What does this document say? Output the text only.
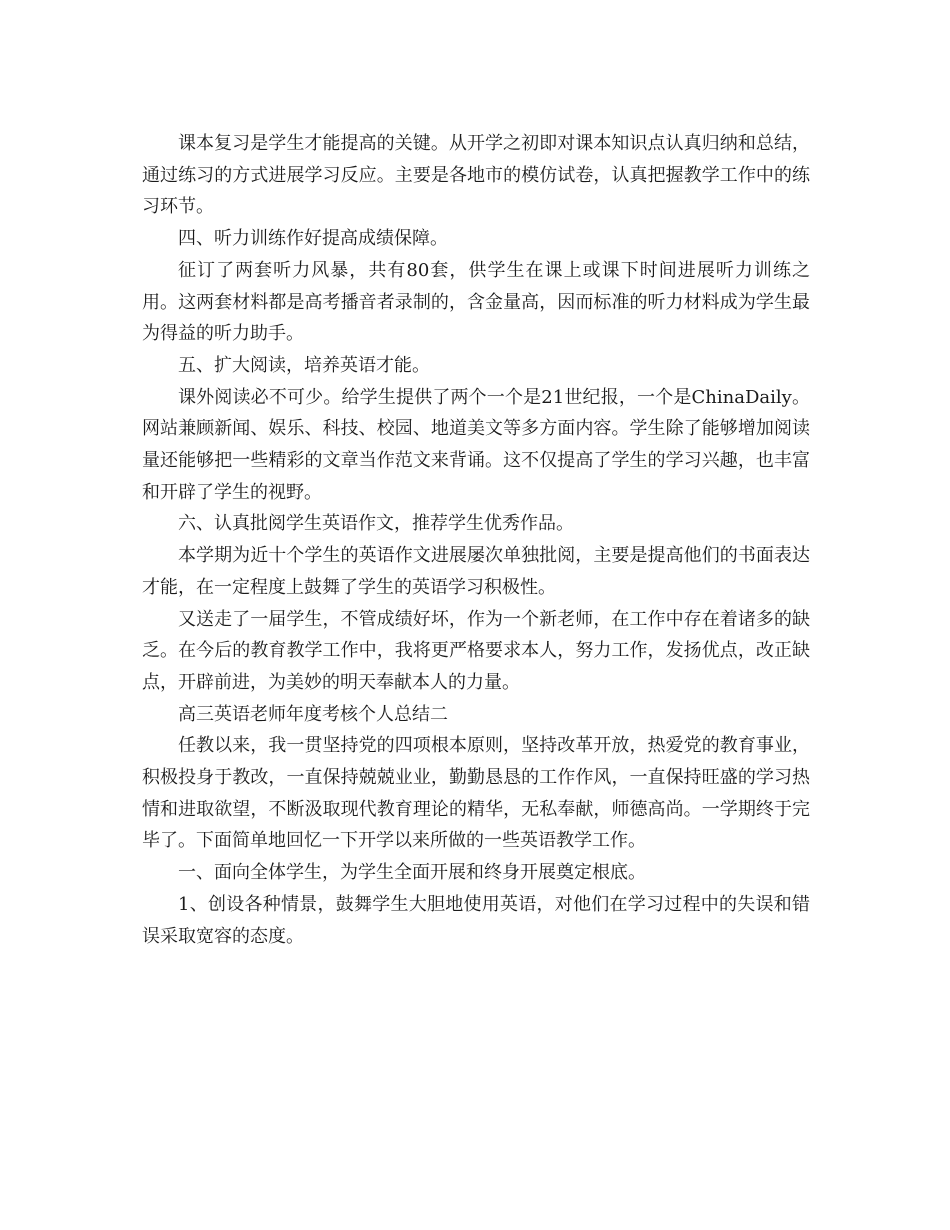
课本复习是学生才能提高的关键。从开学之初即对课本知识点认真归纳和总结，通过练习的方式进展学习反应。主要是各地市的模仿试卷，认真把握教学工作中的练习环节。

四、听力训练作好提高成绩保障。

征订了两套听力风暴，共有80套，供学生在课上或课下时间进展听力训练之用。这两套材料都是高考播音者录制的，含金量高，因而标准的听力材料成为学生最为得益的听力助手。

五、扩大阅读，培养英语才能。

课外阅读必不可少。给学生提供了两个一个是21世纪报，一个是ChinaDaily。网站兼顾新闻、娱乐、科技、校园、地道美文等多方面内容。学生除了能够增加阅读量还能够把一些精彩的文章当作范文来背诵。这不仅提高了学生的学习兴趣，也丰富和开辟了学生的视野。

六、认真批阅学生英语作文，推荐学生优秀作品。

本学期为近十个学生的英语作文进展屡次单独批阅，主要是提高他们的书面表达才能，在一定程度上鼓舞了学生的英语学习积极性。

又送走了一届学生，不管成绩好坏，作为一个新老师，在工作中存在着诸多的缺乏。在今后的教育教学工作中，我将更严格要求本人，努力工作，发扬优点，改正缺点，开辟前进，为美妙的明天奉献本人的力量。

高三英语老师年度考核个人总结二

任教以来，我一贯坚持党的四项根本原则，坚持改革开放，热爱党的教育事业，积极投身于教改，一直保持兢兢业业，勤勤恳恳的工作作风，一直保持旺盛的学习热情和进取欲望，不断汲取现代教育理论的精华，无私奉献，师德高尚。一学期终于完毕了。下面简单地回忆一下开学以来所做的一些英语教学工作。

一、面向全体学生，为学生全面开展和终身开展奠定根底。

1、创设各种情景，鼓舞学生大胆地使用英语，对他们在学习过程中的失误和错误采取宽容的态度。
